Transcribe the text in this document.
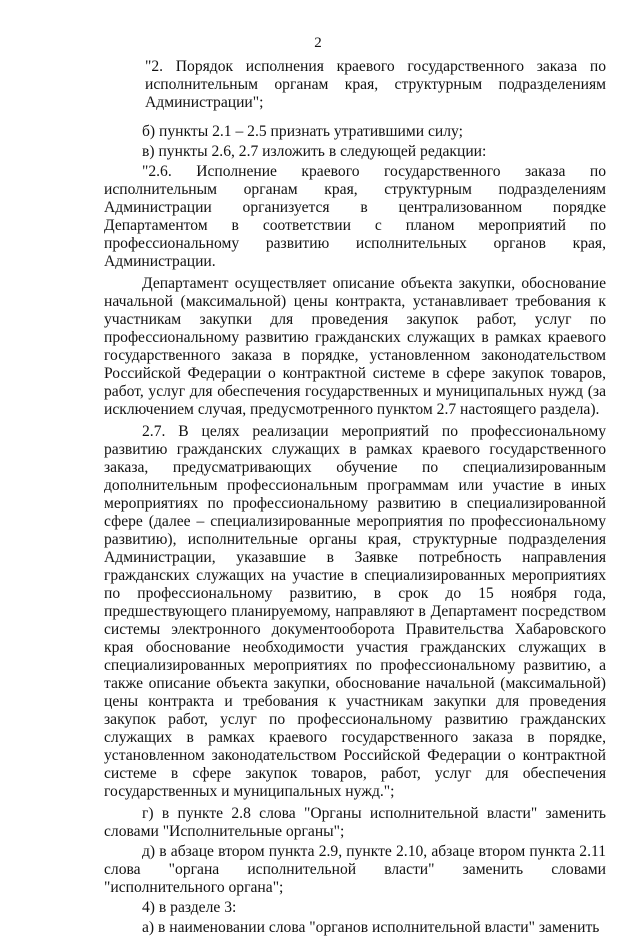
2

"2. Порядок исполнения краевого государственного заказа по исполнительным органам края, структурным подразделениям Администрации";

б) пункты 2.1 – 2.5 признать утратившими силу;

в) пункты 2.6, 2.7 изложить в следующей редакции:

"2.6. Исполнение краевого государственного заказа по исполнительным органам края, структурным подразделениям Администрации организуется в централизованном порядке Департаментом в соответствии с планом мероприятий по профессиональному развитию исполнительных органов края, Администрации.

Департамент осуществляет описание объекта закупки, обоснование начальной (максимальной) цены контракта, устанавливает требования к участникам закупки для проведения закупок работ, услуг по профессиональному развитию гражданских служащих в рамках краевого государственного заказа в порядке, установленном законодательством Российской Федерации о контрактной системе в сфере закупок товаров, работ, услуг для обеспечения государственных и муниципальных нужд (за исключением случая, предусмотренного пунктом 2.7 настоящего раздела).

2.7. В целях реализации мероприятий по профессиональному развитию гражданских служащих в рамках краевого государственного заказа, предусматривающих обучение по специализированным дополнительным профессиональным программам или участие в иных мероприятиях по профессиональному развитию в специализированной сфере (далее – специализированные мероприятия по профессиональному развитию), исполнительные органы края, структурные подразделения Администрации, указавшие в Заявке потребность направления гражданских служащих на участие в специализированных мероприятиях по профессиональному развитию, в срок до 15 ноября года, предшествующего планируемому, направляют в Департамент посредством системы электронного документооборота Правительства Хабаровского края обоснование необходимости участия гражданских служащих в специализированных мероприятиях по профессиональному развитию, а также описание объекта закупки, обоснование начальной (максимальной) цены контракта и требования к участникам закупки для проведения закупок работ, услуг по профессиональному развитию гражданских служащих в рамках краевого государственного заказа в порядке, установленном законодательством Российской Федерации о контрактной системе в сфере закупок товаров, работ, услуг для обеспечения государственных и муниципальных нужд.";

г) в пункте 2.8 слова "Органы исполнительной власти" заменить словами "Исполнительные органы";

д) в абзаце втором пункта 2.9, пункте 2.10, абзаце втором пункта 2.11 слова "органа исполнительной власти" заменить словами "исполнительного органа";

4) в разделе 3:

а) в наименовании слова "органов исполнительной власти" заменить
